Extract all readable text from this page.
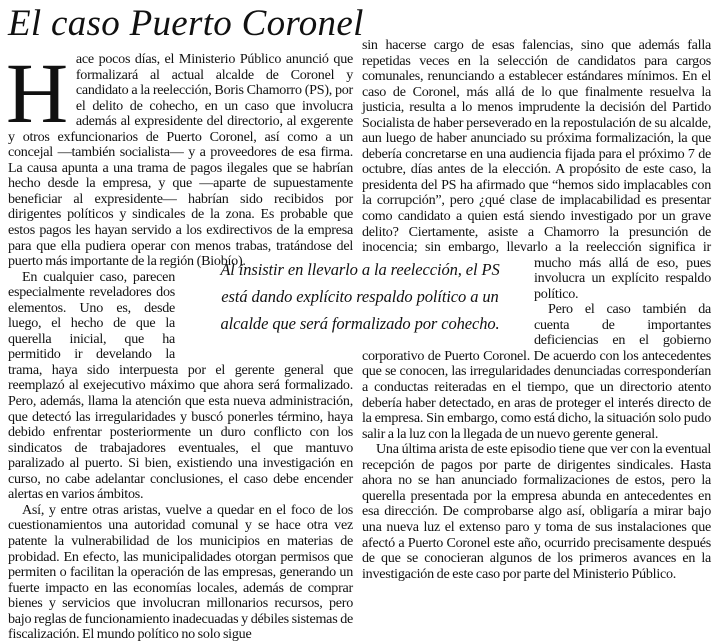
El caso Puerto Coronel

Hace pocos días, el Ministerio Público anunció que formalizará al actual alcalde de Coronel y candidato a la reelección, Boris Chamorro (PS), por el delito de cohecho, en un caso que involucra además al expresidente del directorio, al exgerente y otros exfuncionarios de Puerto Coronel, así como a un concejal —también socialista— y a proveedores de esa firma. La causa apunta a una trama de pagos ilegales que se habrían hecho desde la empresa, y que —aparte de supuestamente beneficiar al expresidente— habrían sido recibidos por dirigentes políticos y sindicales de la zona. Es probable que estos pagos les hayan servido a los exdirectivos de la empresa para que ella pudiera operar con menos trabas, tratándose del puerto más importante de la región (Biobío).

En cualquier caso, parecen especialmente reveladores dos elementos. Uno es, desde luego, el hecho de que la querella inicial, que ha permitido ir develando la trama, haya sido interpuesta por el gerente general que reemplazó al exejecutivo máximo que ahora será formalizado. Pero, además, llama la atención que esta nueva administración, que detectó las irregularidades y buscó ponerles término, haya debido enfrentar posteriormente un duro conflicto con los sindicatos de trabajadores eventuales, el que mantuvo paralizado al puerto. Si bien, existiendo una investigación en curso, no cabe adelantar conclusiones, el caso debe encender alertas en varios ámbitos.

Así, y entre otras aristas, vuelve a quedar en el foco de los cuestionamientos una autoridad comunal y se hace otra vez patente la vulnerabilidad de los municipios en materias de probidad. En efecto, las municipalidades otorgan permisos que permiten o facilitan la operación de las empresas, generando un fuerte impacto en las economías locales, además de comprar bienes y servicios que involucran millonarios recursos, pero bajo reglas de funcionamiento inadecuadas y débiles sistemas de fiscalización. El mundo político no solo sigue

sin hacerse cargo de esas falencias, sino que además falla repetidas veces en la selección de candidatos para cargos comunales, renunciando a establecer estándares mínimos. En el caso de Coronel, más allá de lo que finalmente resuelva la justicia, resulta a lo menos imprudente la decisión del Partido Socialista de haber perseverado en la repostulación de su alcalde, aun luego de haber anunciado su próxima formalización, la que debería concretarse en una audiencia fijada para el próximo 7 de octubre, días antes de la elección. A propósito de este caso, la presidenta del PS ha afirmado que “hemos sido implacables con la corrupción”, pero ¿qué clase de implacabilidad es presentar como candidato a quien está siendo investigado por un grave delito? Ciertamente, asiste a Chamorro la presunción de inocencia; sin embargo, llevarlo a la reelección significa ir mucho más allá de eso, pues involucra un explícito respaldo político.

Pero el caso también da cuenta de importantes deficiencias en el gobierno corporativo de Puerto Coronel. De acuerdo con los antecedentes que se conocen, las irregularidades denunciadas corresponderían a conductas reiteradas en el tiempo, que un directorio atento debería haber detectado, en aras de proteger el interés directo de la empresa. Sin embargo, como está dicho, la situación solo pudo salir a la luz con la llegada de un nuevo gerente general.

Una última arista de este episodio tiene que ver con la eventual recepción de pagos por parte de dirigentes sindicales. Hasta ahora no se han anunciado formalizaciones de estos, pero la querella presentada por la empresa abunda en antecedentes en esa dirección. De comprobarse algo así, obligaría a mirar bajo una nueva luz el extenso paro y toma de sus instalaciones que afectó a Puerto Coronel este año, ocurrido precisamente después de que se conocieran algunos de los primeros avances en la investigación de este caso por parte del Ministerio Público.

Al insistir en llevarlo a la reelección, el PS está dando explícito respaldo político a un alcalde que será formalizado por cohecho.
